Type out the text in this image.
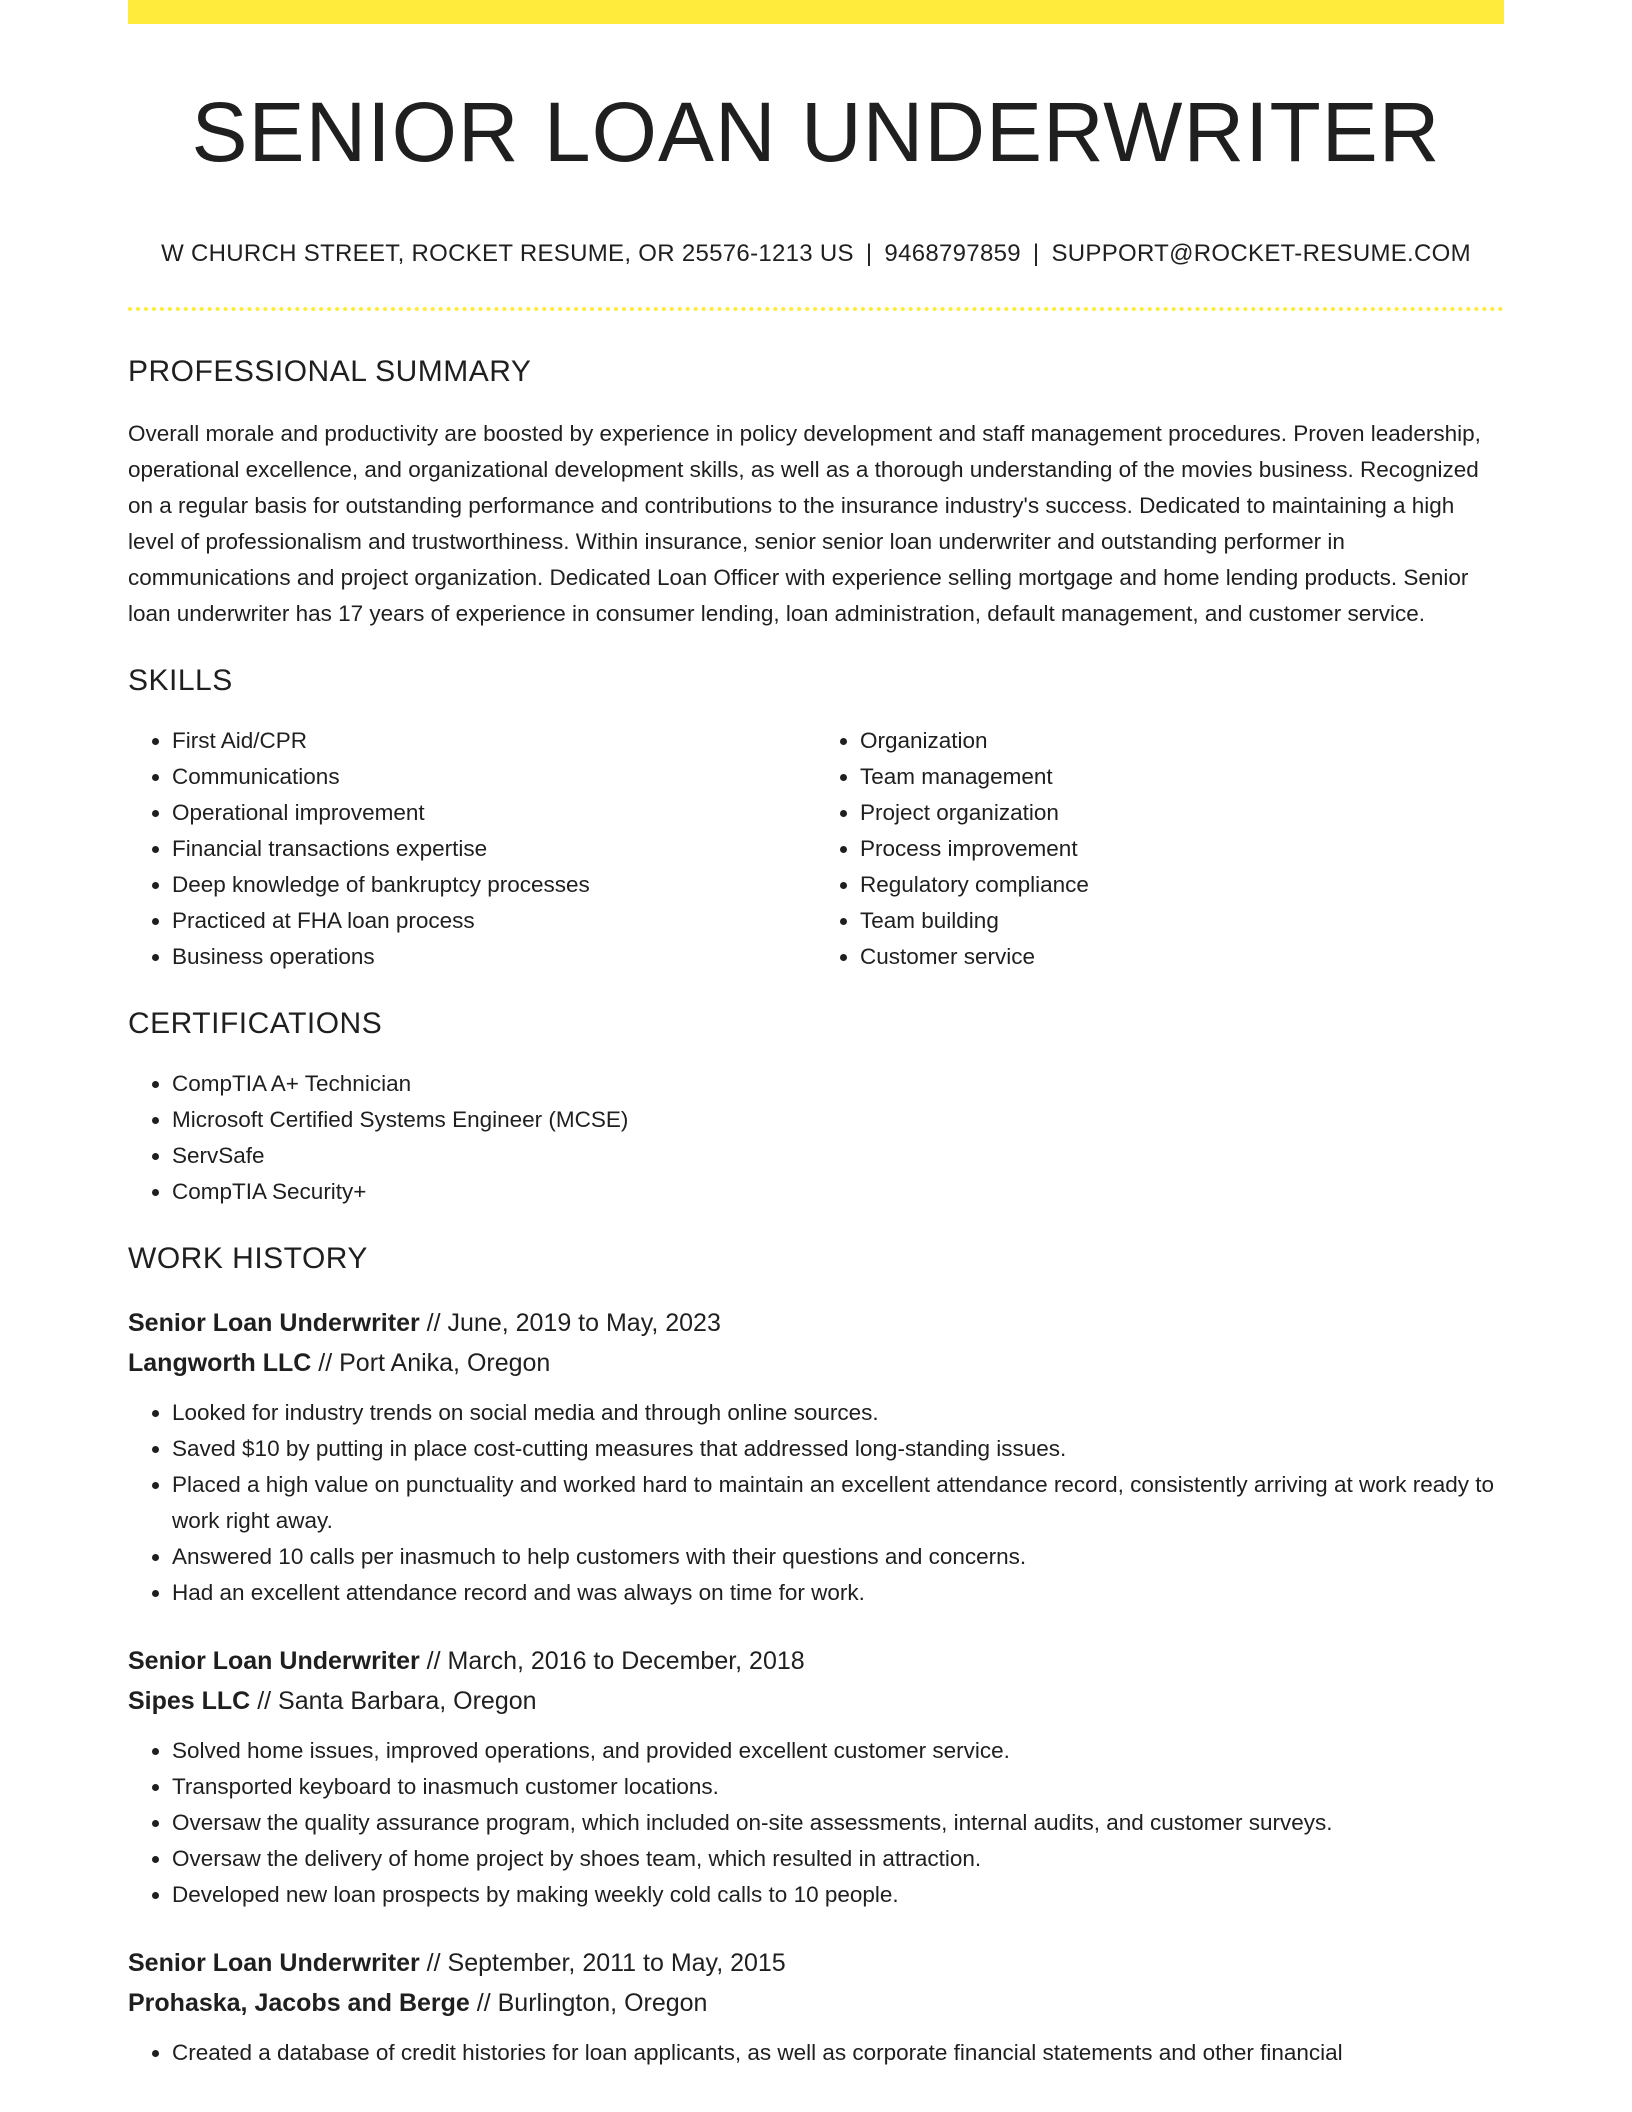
SENIOR LOAN UNDERWRITER
W CHURCH STREET, ROCKET RESUME, OR 25576-1213 US | 9468797859 | SUPPORT@ROCKET-RESUME.COM
PROFESSIONAL SUMMARY

Overall morale and productivity are boosted by experience in policy development and staff management procedures. Proven leadership, operational excellence, and organizational development skills, as well as a thorough understanding of the movies business. Recognized on a regular basis for outstanding performance and contributions to the insurance industry's success. Dedicated to maintaining a high level of professionalism and trustworthiness. Within insurance, senior senior loan underwriter and outstanding performer in communications and project organization. Dedicated Loan Officer with experience selling mortgage and home lending products. Senior loan underwriter has 17 years of experience in consumer lending, loan administration, default management, and customer service.

SKILLS
• First Aid/CPR
• Communications
• Operational improvement
• Financial transactions expertise
• Deep knowledge of bankruptcy processes
• Practiced at FHA loan process
• Business operations
• Organization
• Team management
• Project organization
• Process improvement
• Regulatory compliance
• Team building
• Customer service
CERTIFICATIONS
• CompTIA A+ Technician
• Microsoft Certified Systems Engineer (MCSE)
• ServSafe
• CompTIA Security+
WORK HISTORY
Senior Loan Underwriter // June, 2019 to May, 2023
Langworth LLC // Port Anika, Oregon
• Looked for industry trends on social media and through online sources.
• Saved $10 by putting in place cost-cutting measures that addressed long-standing issues.
• Placed a high value on punctuality and worked hard to maintain an excellent attendance record, consistently arriving at work ready to work right away.
• Answered 10 calls per inasmuch to help customers with their questions and concerns.
• Had an excellent attendance record and was always on time for work.
Senior Loan Underwriter // March, 2016 to December, 2018
Sipes LLC // Santa Barbara, Oregon
• Solved home issues, improved operations, and provided excellent customer service.
• Transported keyboard to inasmuch customer locations.
• Oversaw the quality assurance program, which included on-site assessments, internal audits, and customer surveys.
• Oversaw the delivery of home project by shoes team, which resulted in attraction.
• Developed new loan prospects by making weekly cold calls to 10 people.
Senior Loan Underwriter // September, 2011 to May, 2015
Prohaska, Jacobs and Berge // Burlington, Oregon
• Created a database of credit histories for loan applicants, as well as corporate financial statements and other financial
